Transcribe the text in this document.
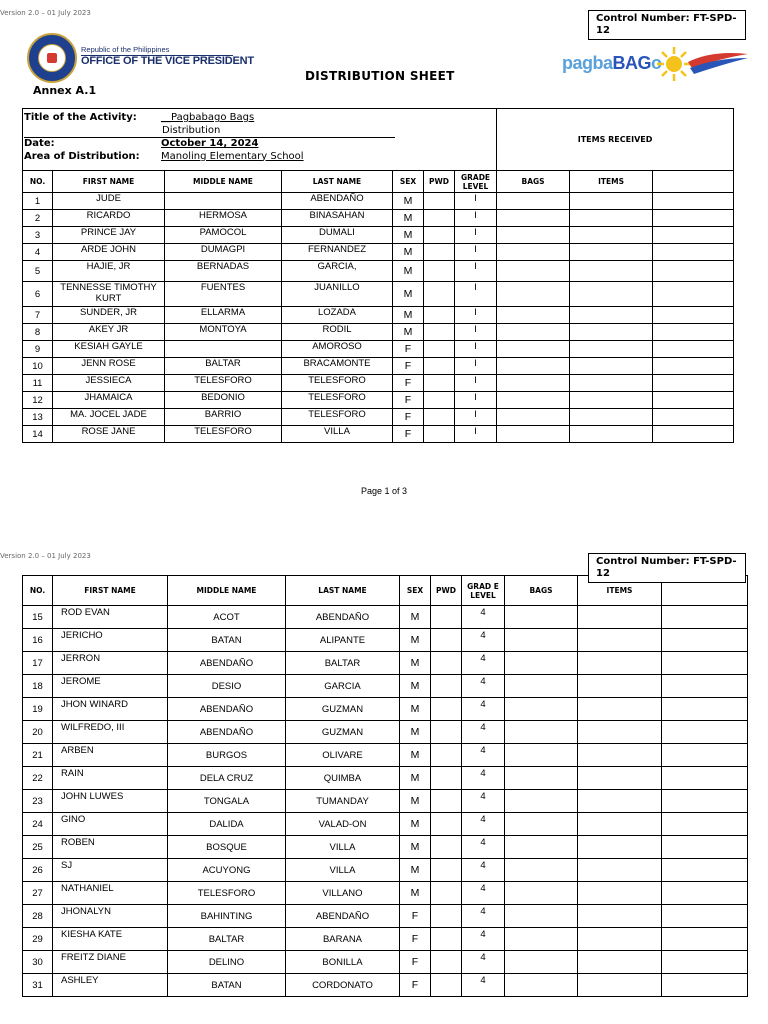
Version 2.0 – 01 July 2023	Control Number: FT-SPD-12
Republic of the Philippines
OFFICE OF THE VICE PRESIDENT
DISTRIBUTION SHEET
Annex A.1
pagbaBAGo
Title of the Activity: __Pagbabago Bags
Distribution
Date: October 14, 2024
Area of Distribution: Manoling Elementary School							ITEMS RECEIVED		
NO.	FIRST NAME	MIDDLE NAME	LAST NAME	SEX	PWD	GRADE LEVEL	BAGS	ITEMS	
1	JUDE		ABENDAÑO	M		I			
2	RICARDO	HERMOSA	BINASAHAN	M		I			
3	PRINCE JAY	PAMOCOL	DUMALI	M		I			
4	ARDE JOHN	DUMAGPI	FERNANDEZ	M		I			
5	HAJIE, JR	BERNADAS	GARCIA,	M		I			
6	TENNESSE TIMOTHY KURT	FUENTES	JUANILLO	M		I			
7	SUNDER, JR	ELLARMA	LOZADA	M		I			
8	AKEY JR	MONTOYA	RODIL	M		I			
9	KESIAH GAYLE		AMOROSO	F		I			
10	JENN ROSE	BALTAR	BRACAMONTE	F		I			
11	JESSIECA	TELESFORO	TELESFORO	F		I			
12	JHAMAICA	BEDONIO	TELESFORO	F		I			
13	MA. JOCEL JADE	BARRIO	TELESFORO	F		I			
14	ROSE JANE	TELESFORO	VILLA	F		I			
Page 1 of 3
Version 2.0 – 01 July 2023
NO.	FIRST NAME	MIDDLE NAME	LAST NAME	SEX	PWD	GRAD E LEVEL	BAGS	ITEMS	
15	ROD EVAN	ACOT	ABENDAÑO	M		4			
16	JERICHO	BATAN	ALIPANTE	M		4			
17	JERRON	ABENDAÑO	BALTAR	M		4			
18	JEROME	DESIO	GARCIA	M		4			
19	JHON WINARD	ABENDAÑO	GUZMAN	M		4			
20	WILFREDO, III	ABENDAÑO	GUZMAN	M		4			
21	ARBEN	BURGOS	OLIVARE	M		4			
22	RAIN	DELA CRUZ	QUIMBA	M		4			
23	JOHN LUWES	TONGALA	TUMANDAY	M		4			
24	GINO	DALIDA	VALAD-ON	M		4			
25	ROBEN	BOSQUE	VILLA	M		4			
26	SJ	ACUYONG	VILLA	M		4			
27	NATHANIEL	TELESFORO	VILLANO	M		4			
28	JHONALYN	BAHINTING	ABENDAÑO	F		4			
29	KIESHA KATE	BALTAR	BARANA	F		4			
30	FREITZ DIANE	DELINO	BONILLA	F		4			
31	ASHLEY	BATAN	CORDONATO	F		4			
Control Number: FT-SPD-12
